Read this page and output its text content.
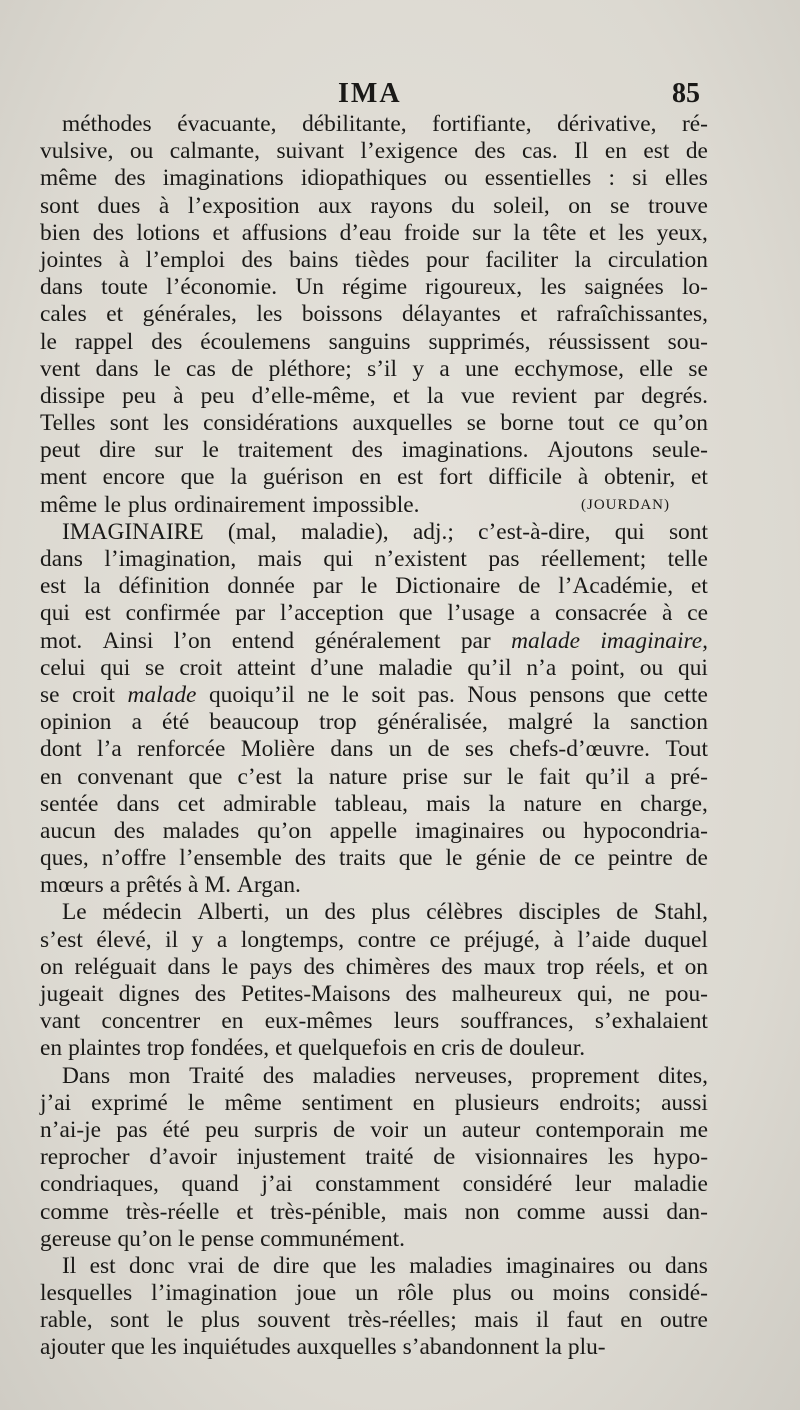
IMA	85
méthodes évacuante, débilitante, fortifiante, dérivative, ré-
vulsive, ou calmante, suivant l’exigence des cas. Il en est de
même des imaginations idiopathiques ou essentielles : si elles
sont dues à l’exposition aux rayons du soleil, on se trouve
bien des lotions et affusions d’eau froide sur la tête et les yeux,
jointes à l’emploi des bains tièdes pour faciliter la circulation
dans toute l’économie. Un régime rigoureux, les saignées lo-
cales et générales, les boissons délayantes et rafraîchissantes,
le rappel des écoulemens sanguins supprimés, réussissent sou-
vent dans le cas de pléthore; s’il y a une ecchymose, elle se
dissipe peu à peu d’elle-même, et la vue revient par degrés.
Telles sont les considérations auxquelles se borne tout ce qu’on
peut dire sur le traitement des imaginations. Ajoutons seule-
ment encore que la guérison en est fort difficile à obtenir, et
même le plus ordinairement impossible.	(JOURDAN)
IMAGINAIRE (mal, maladie), adj.; c’est-à-dire, qui sont
dans l’imagination, mais qui n’existent pas réellement; telle
est la définition donnée par le Dictionaire de l’Académie, et
qui est confirmée par l’acception que l’usage a consacrée à ce
mot. Ainsi l’on entend généralement par malade imaginaire,
celui qui se croit atteint d’une maladie qu’il n’a point, ou qui
se croit malade quoiqu’il ne le soit pas. Nous pensons que cette
opinion a été beaucoup trop généralisée, malgré la sanction
dont l’a renforcée Molière dans un de ses chefs-d’œuvre. Tout
en convenant que c’est la nature prise sur le fait qu’il a pré-
sentée dans cet admirable tableau, mais la nature en charge,
aucun des malades qu’on appelle imaginaires ou hypocondria-
ques, n’offre l’ensemble des traits que le génie de ce peintre de
mœurs a prêtés à M. Argan.
Le médecin Alberti, un des plus célèbres disciples de Stahl,
s’est élevé, il y a longtemps, contre ce préjugé, à l’aide duquel
on reléguait dans le pays des chimères des maux trop réels, et on
jugeait dignes des Petites-Maisons des malheureux qui, ne pou-
vant concentrer en eux-mêmes leurs souffrances, s’exhalaient
en plaintes trop fondées, et quelquefois en cris de douleur.
Dans mon Traité des maladies nerveuses, proprement dites,
j’ai exprimé le même sentiment en plusieurs endroits; aussi
n’ai-je pas été peu surpris de voir un auteur contemporain me
reprocher d’avoir injustement traité de visionnaires les hypo-
condriaques, quand j’ai constamment considéré leur maladie
comme très-réelle et très-pénible, mais non comme aussi dan-
gereuse qu’on le pense communément.
Il est donc vrai de dire que les maladies imaginaires ou dans
lesquelles l’imagination joue un rôle plus ou moins considé-
rable, sont le plus souvent très-réelles; mais il faut en outre
ajouter que les inquiétudes auxquelles s’abandonnent la plu-
